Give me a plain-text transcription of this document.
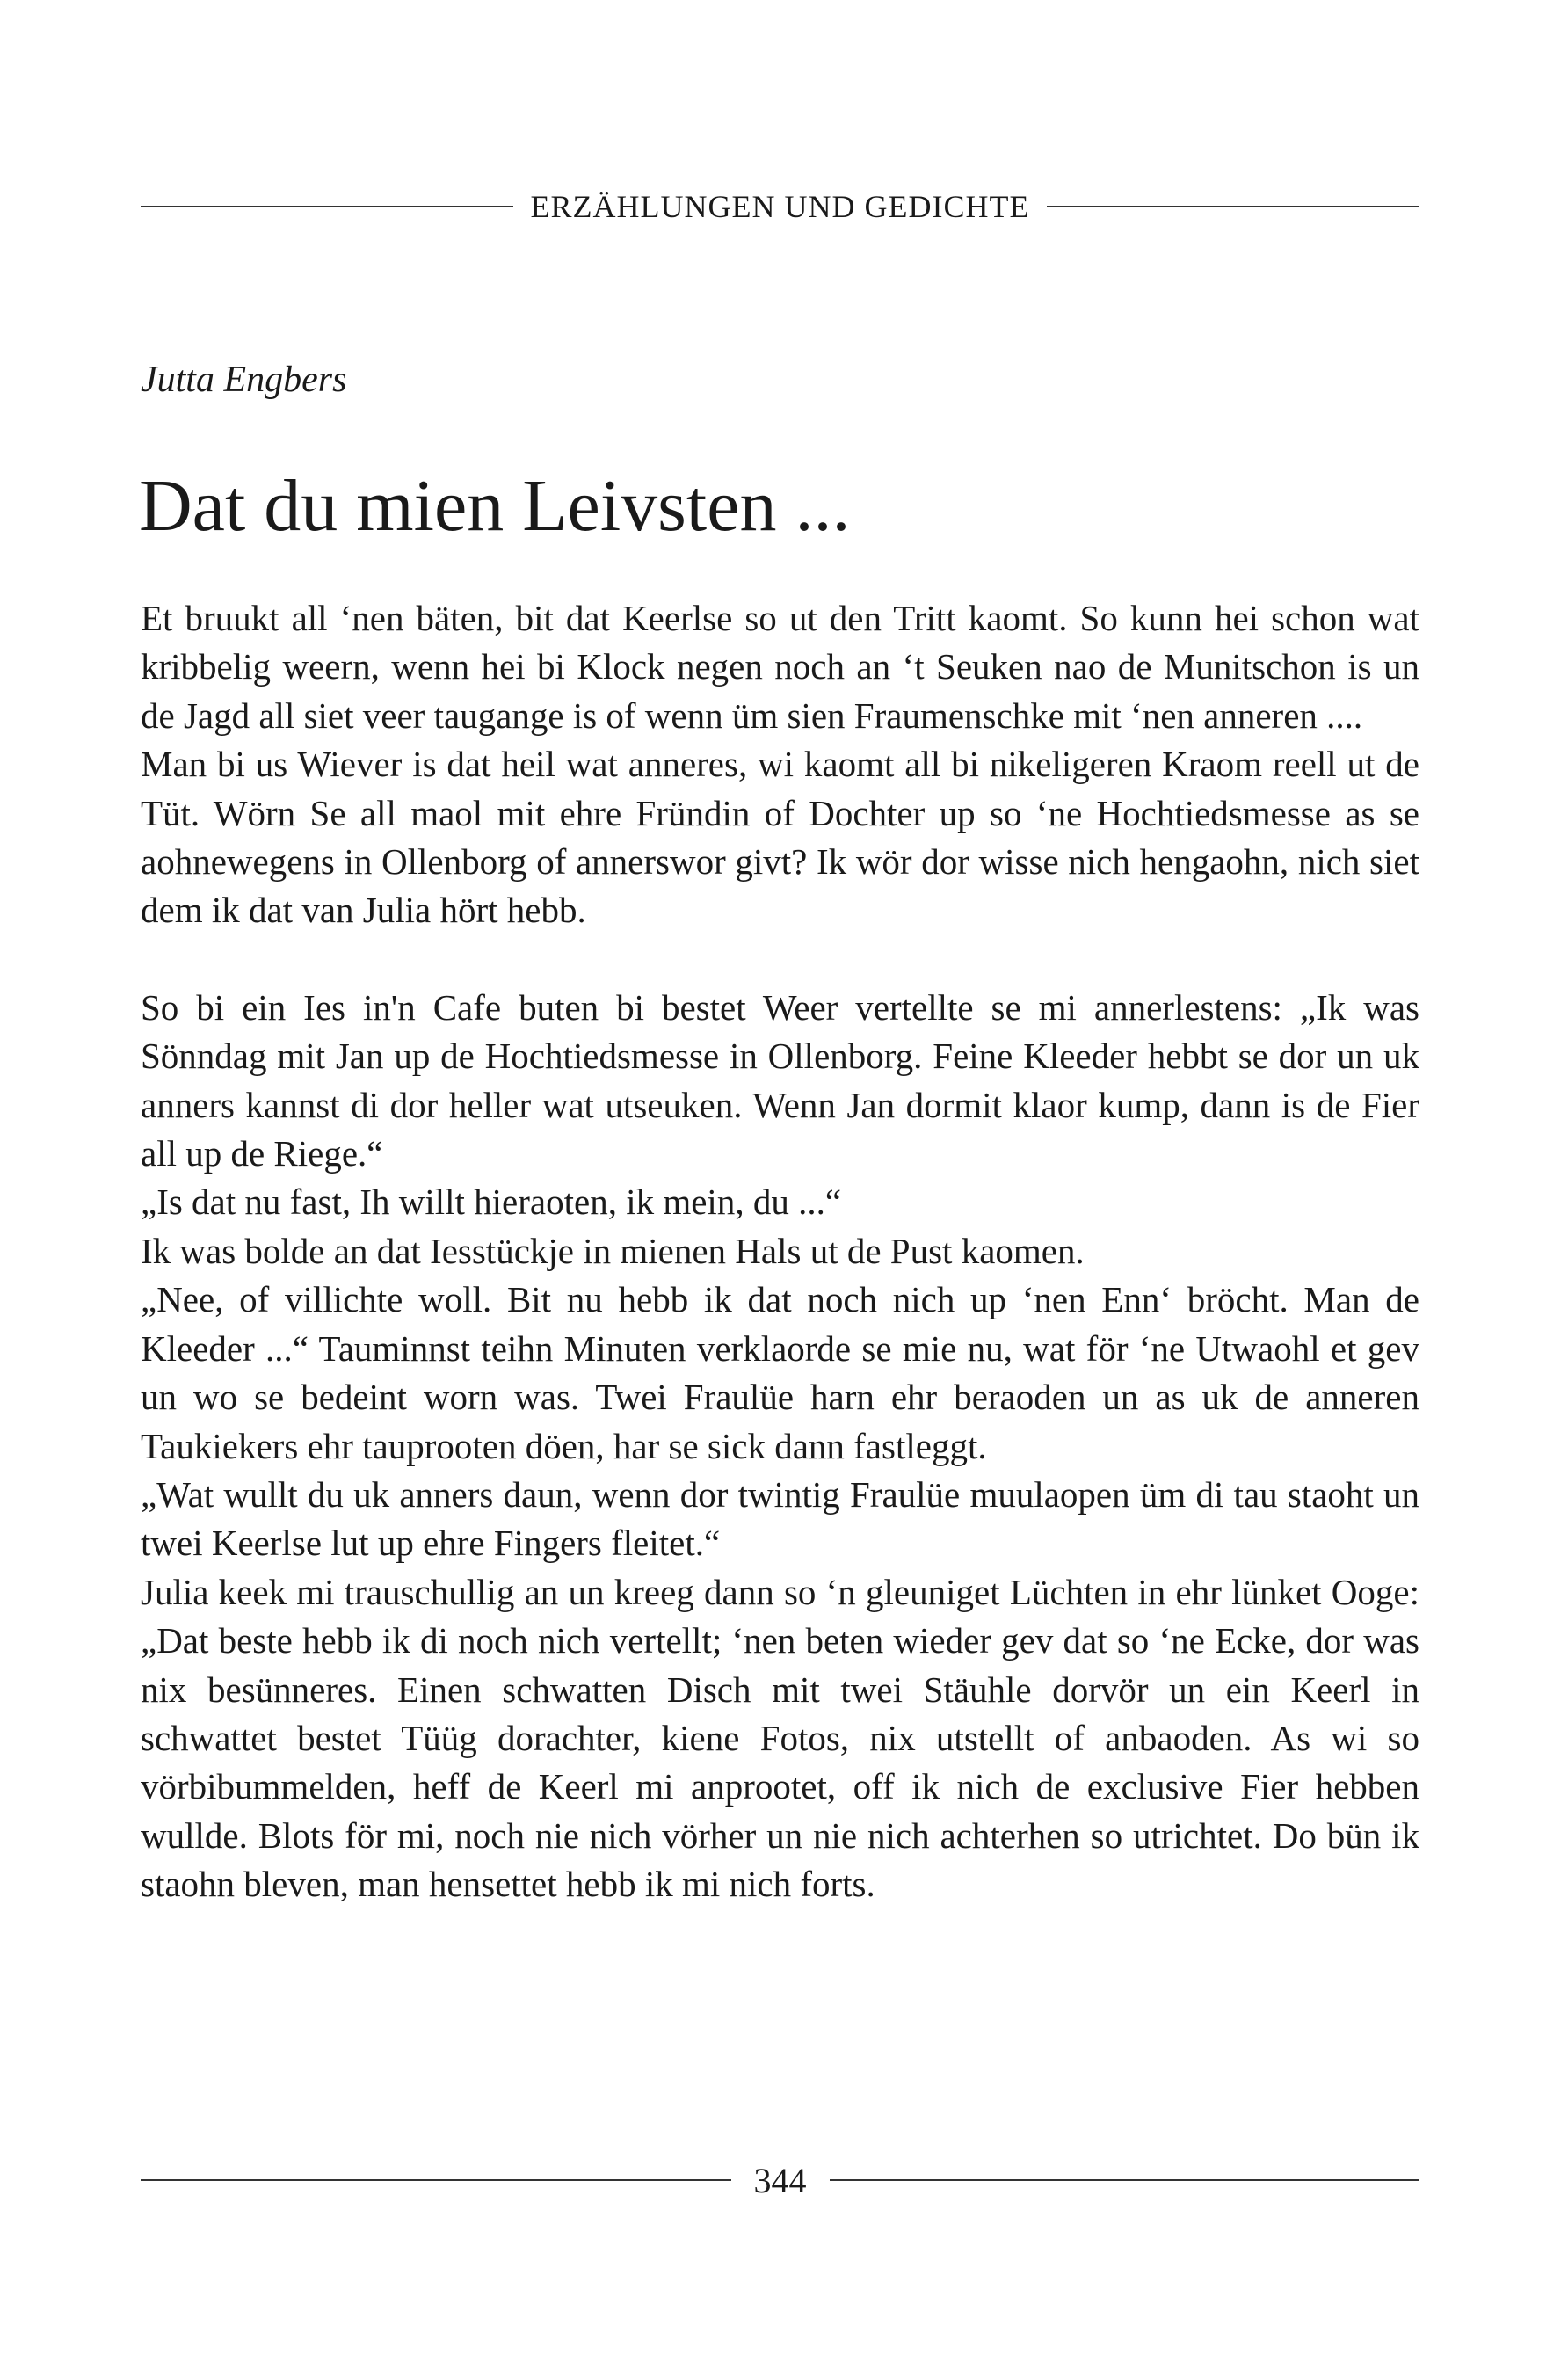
ERZÄHLUNGEN UND GEDICHTE

Jutta Engbers

Dat du mien Leivsten ...

Et bruukt all ‘nen bäten, bit dat Keerlse so ut den Tritt kaomt. So kunn hei schon wat kribbelig weern, wenn hei bi Klock negen noch an ‘t Seuken nao de Munitschon is un de Jagd all siet veer taugange is of wenn üm sien Fraumenschke mit ‘nen anneren ....
Man bi us Wiever is dat heil wat anneres, wi kaomt all bi nikeligeren Kraom reell ut de Tüt. Wörn Se all maol mit ehre Fründin of Dochter up so ‘ne Hochtiedsmesse as se aohnewegens in Ollenborg of annerswor givt? Ik wör dor wisse nich hengaohn, nich siet dem ik dat van Julia hört hebb.

So bi ein Ies in'n Cafe buten bi bestet Weer vertellte se mi annerlestens: „Ik was Sönndag mit Jan up de Hochtiedsmesse in Ollenborg. Feine Kleeder hebbt se dor un uk anners kannst di dor heller wat utseuken. Wenn Jan dormit klaor kump, dann is de Fier all up de Riege.“
„Is dat nu fast, Ih willt hieraoten, ik mein, du ...“
Ik was bolde an dat Iesstückje in mienen Hals ut de Pust kaomen.
„Nee, of villichte woll. Bit nu hebb ik dat noch nich up ‘nen Enn‘ bröcht. Man de Kleeder ...“ Tauminnst teihn Minuten verklaorde se mie nu, wat för ‘ne Utwaohl et gev un wo se bedeint worn was. Twei Fraulüe harn ehr beraoden un as uk de anneren Taukiekers ehr tauprooten döen, har se sick dann fastleggt.
„Wat wullt du uk anners daun, wenn dor twintig Fraulüe muulaopen üm di tau staoht un twei Keerlse lut up ehre Fingers fleitet.“
Julia keek mi trauschullig an un kreeg dann so ‘n gleuniget Lüchten in ehr lünket Ooge: „Dat beste hebb ik di noch nich vertellt; ‘nen beten wieder gev dat so ‘ne Ecke, dor was nix besünneres. Einen schwatten Disch mit twei Stäuhle dorvör un ein Keerl in schwattet bestet Tüüg dorachter, kiene Fotos, nix utstellt of anbaoden. As wi so vörbibummelden, heff de Keerl mi anprootet, off ik nich de exclusive Fier hebben wullde. Blots för mi, noch nie nich vörher un nie nich achterhen so utrichtet. Do bün ik staohn bleven, man hensettet hebb ik mi nich forts.

344
